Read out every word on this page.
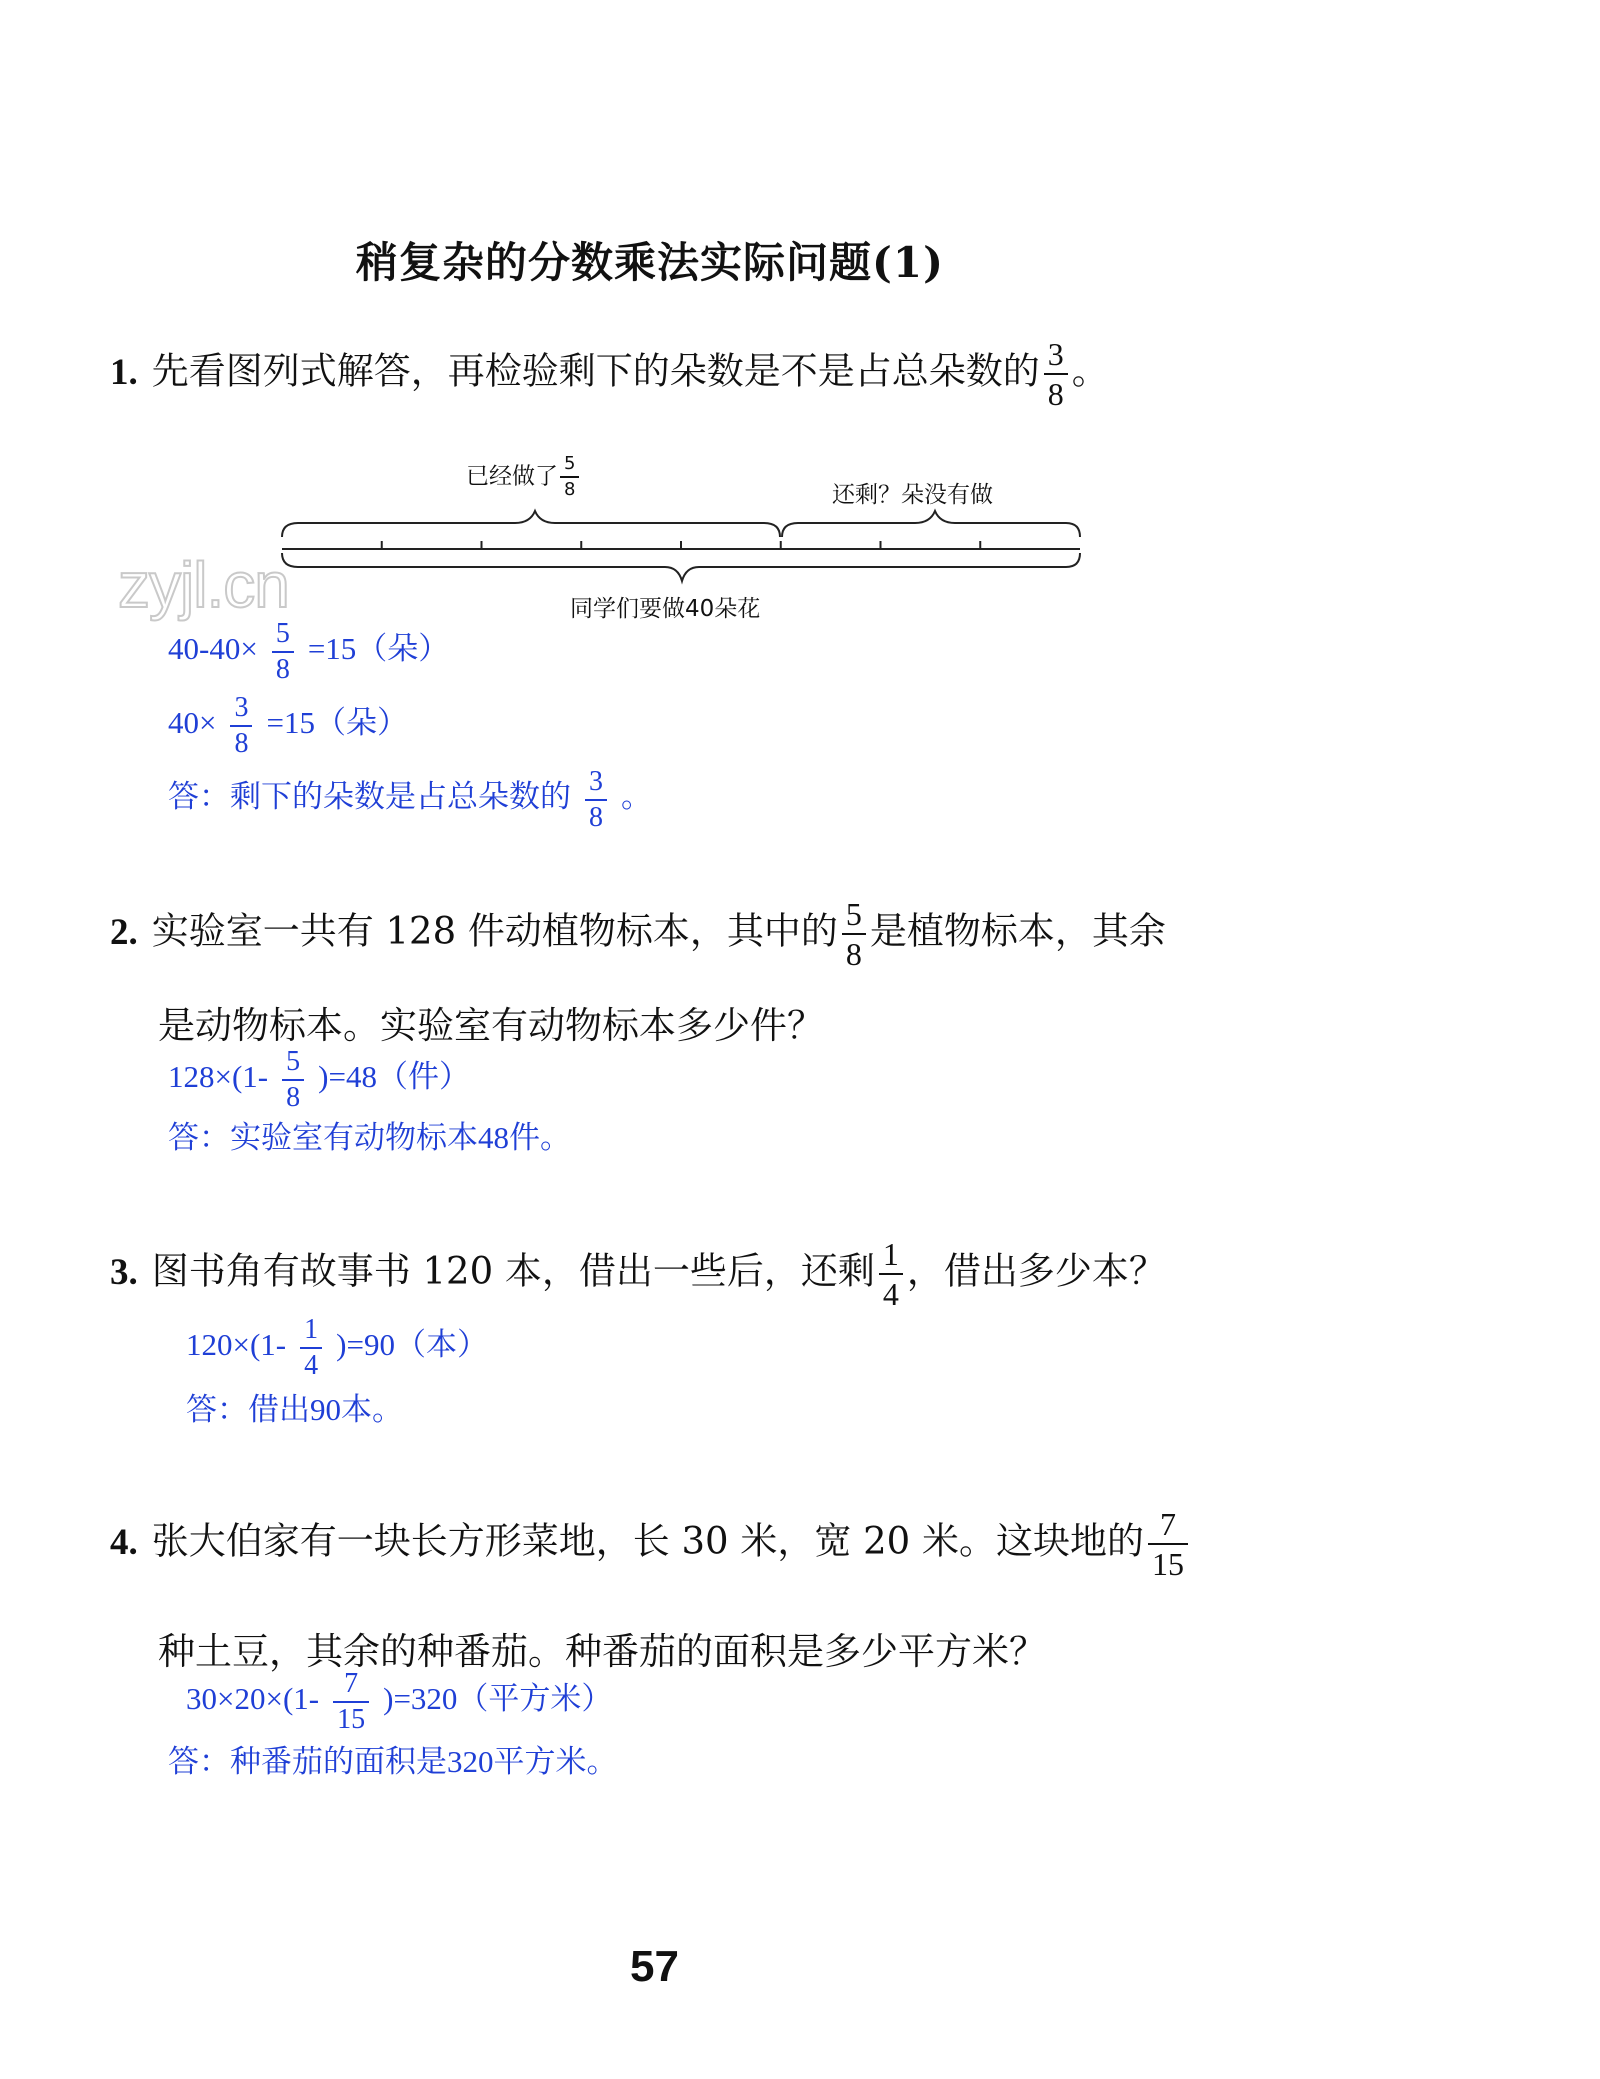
稍复杂的分数乘法实际问题(1)
1. 先看图列式解答，再检验剩下的朵数是不是占总朵数的 $\frac{3}{8}$ 。
已经做了 $\frac{5}{8}$	还剩？朵没有做
同学们要做40朵花
zyjl.cn
$40-40\times \frac{5}{8} =15$（朵）
$40\times \frac{3}{8} =15$（朵）
答：剩下的朵数是占总朵数的 $\frac{3}{8}$ 。
2. 实验室一共有 128 件动植物标本，其中的 $\frac{5}{8}$ 是植物标本，其余
是动物标本。实验室有动物标本多少件？
$128\times(1- \frac{5}{8} )=48$（件）
答：实验室有动物标本48件。
3. 图书角有故事书 120 本，借出一些后，还剩 $\frac{1}{4}$ ，借出多少本？
$120\times(1- \frac{1}{4} )=90$（本）
答：借出90本。
4. 张大伯家有一块长方形菜地，长 30 米，宽 20 米。这块地的 $\frac{7}{15}$
种土豆，其余的种番茄。种番茄的面积是多少平方米？
$30\times 20\times(1- \frac{7}{15} )=320$（平方米）
答：种番茄的面积是320平方米。
57
